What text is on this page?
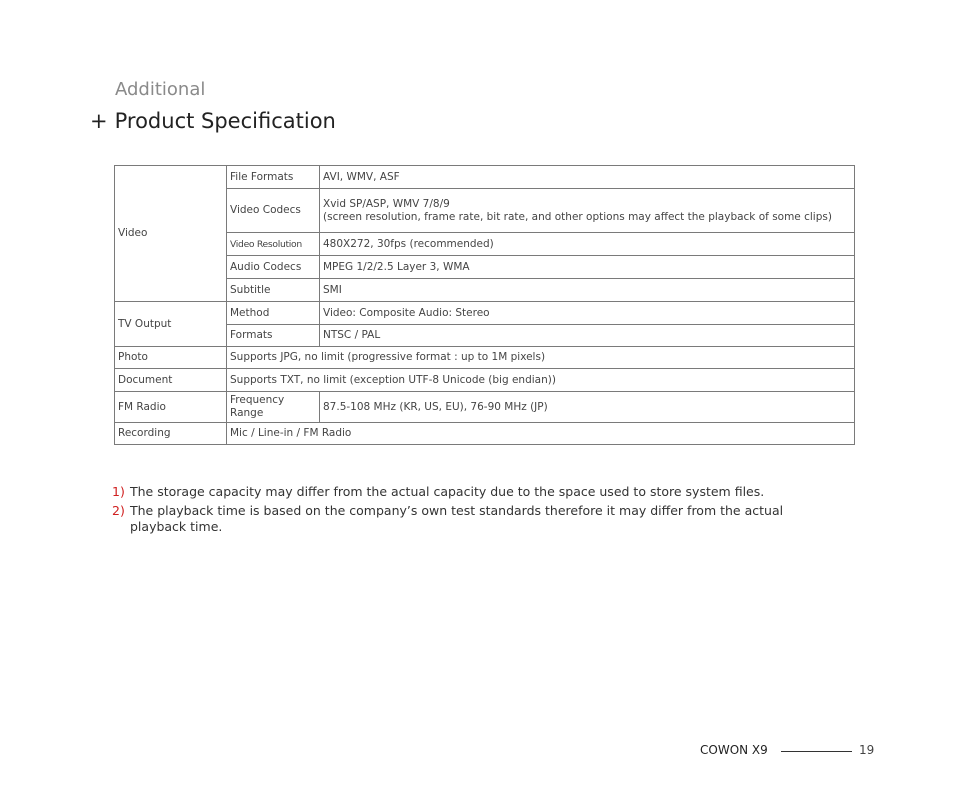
Additional
+ Product Specification
Video	File Formats	AVI, WMV, ASF
	Video Codecs	Xvid SP/ASP, WMV 7/8/9
(screen resolution, frame rate, bit rate, and other options may affect the playback of some clips)

	Video Resolution	480X272, 30fps (recommended)
	Audio Codecs	MPEG 1/2/2.5 Layer 3, WMA
	Subtitle	SMI
TV Output	Method	Video: Composite Audio: Stereo
	Formats	NTSC / PAL
Photo	Supports JPG, no limit (progressive format : up to 1M pixels)	
Document	Supports TXT, no limit (exception UTF-8 Unicode (big endian))	
FM Radio	Frequency Range	87.5-108 MHz (KR, US, EU), 76-90 MHz (JP)
Recording	Mic / Line-in / FM Radio	
1) The storage capacity may differ from the actual capacity due to the space used to store system files.
2) The playback time is based on the company’s own test standards therefore it may differ from the actual playback time.
COWON X9	19
